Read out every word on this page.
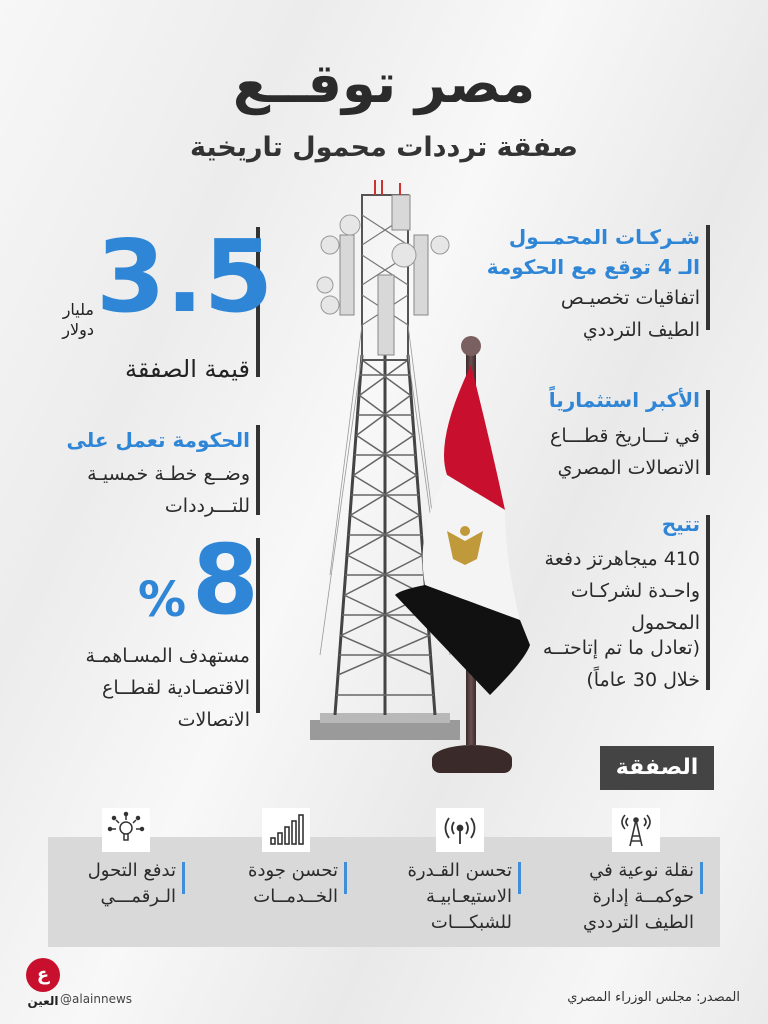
مصر توقــع
صفقة ترددات محمول تاريخية
3.5
مليار
دولار
قيمة الصفقة
الحكومة تعمل على
وضــع خطـة خمسيـة
للتـــرددات
8
%
مستهدف المسـاهمـة
الاقتصـادية لقطــاع
الاتصالات
شـركـات المحمــول
الـ 4 توقع مع الحكومة
اتفاقيات تخصيـص
الطيف الترددي
الأكبر استثمارياً
في تـــاريخ قطـــاع
الاتصالات المصري
تتيح
410 ميجاهرتز دفعة
واحـدة لشركـات
المحمول
(تعادل ما تم إتاحتــه
خلال 30 عاماً)
الصفقة
نقلة نوعية في
حوكمــة إدارة
الطيف الترددي
تحسن القـدرة
الاستيعـابيـة
للشبكـــات
تحسن جودة
الخــدمــات
تدفع التحول
الـرقمـــي
المصدر: مجلس الوزراء المصري
@alainnews
ع
العين
